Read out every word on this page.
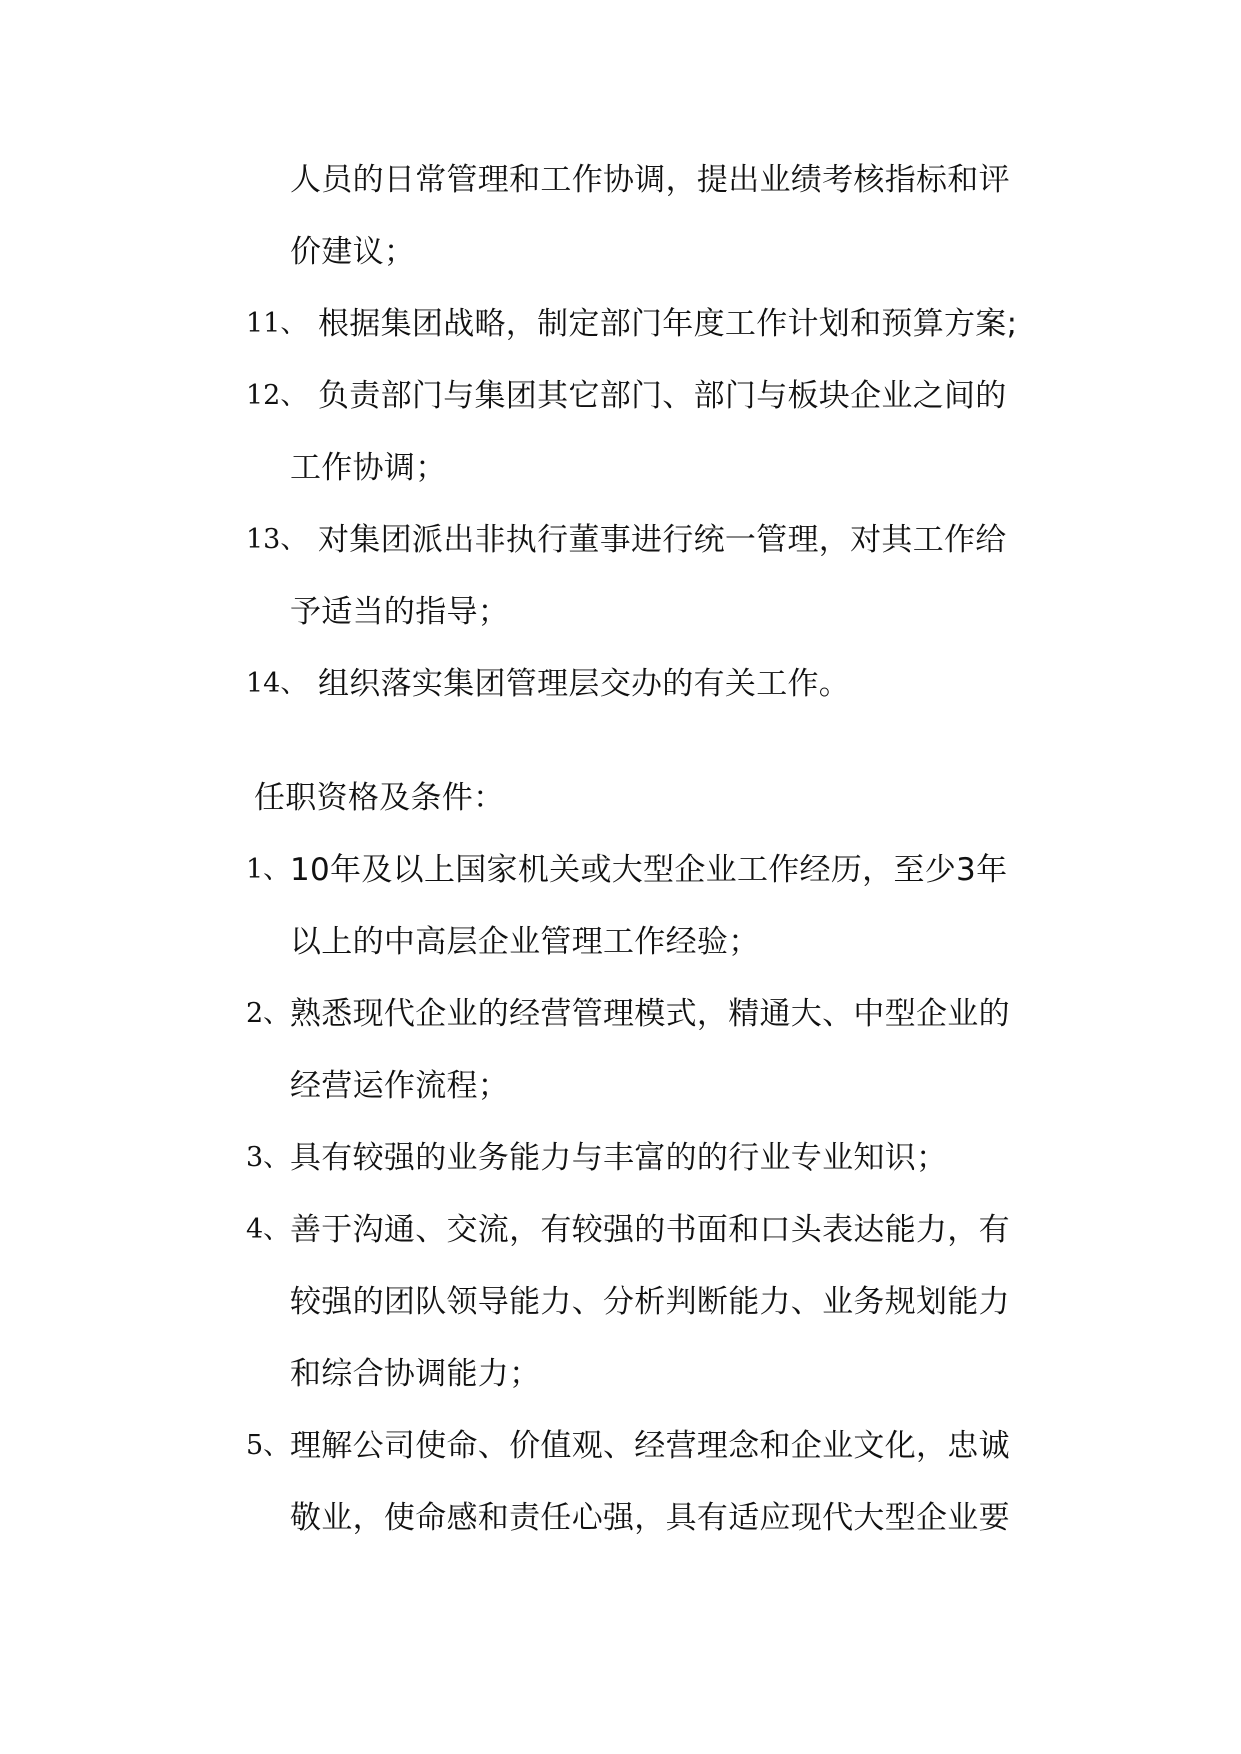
人员的日常管理和工作协调，提出业绩考核指标和评
价建议；
11、 根据集团战略，制定部门年度工作计划和预算方案;
12、 负责部门与集团其它部门、部门与板块企业之间的
工作协调；
13、 对集团派出非执行董事进行统一管理，对其工作给
予适当的指导；
14、 组织落实集团管理层交办的有关工作。
任职资格及条件：
1、 10年及以上国家机关或大型企业工作经历，至少3年
以上的中高层企业管理工作经验；
2、 熟悉现代企业的经营管理模式，精通大、中型企业的
经营运作流程；
3、 具有较强的业务能力与丰富的的行业专业知识；
4、 善于沟通、交流，有较强的书面和口头表达能力，有
较强的团队领导能力、分析判断能力、业务规划能力
和综合协调能力；
5、 理解公司使命、价值观、经营理念和企业文化，忠诚
敬业，使命感和责任心强，具有适应现代大型企业要
